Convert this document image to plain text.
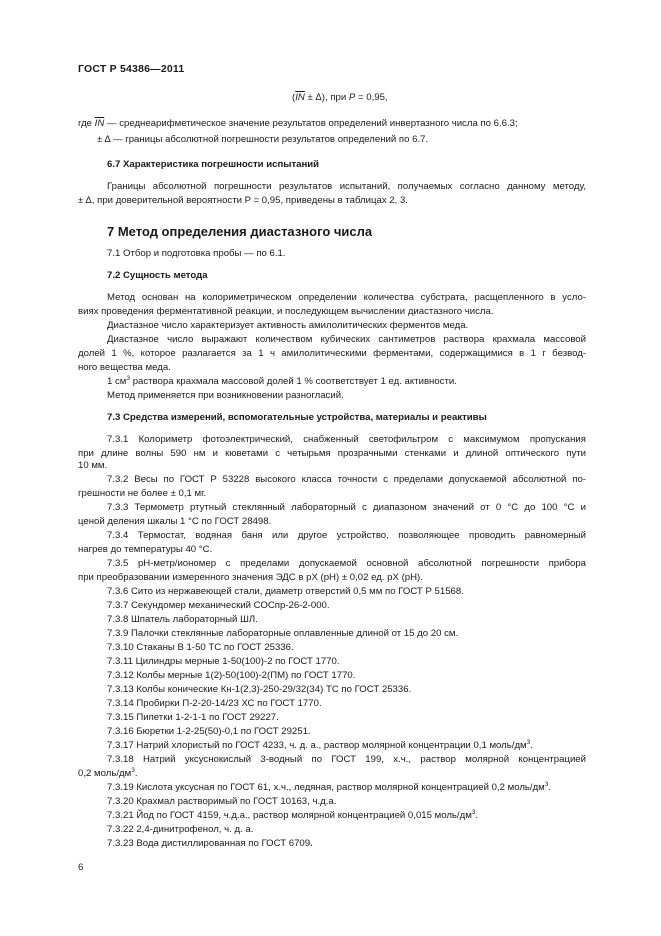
ГОСТ Р 54386—2011
$(\overline{IN} \pm \Delta)$, при P = 0,95,
где $\overline{IN}$ — среднеарифметическое значение результатов определений инвертазного числа по 6.6.3;
± Δ — границы абсолютной погрешности результатов определений по 6.7.
6.7 Характеристика погрешности испытаний
Границы абсолютной погрешности результатов испытаний, получаемых согласно данному методу,
± Δ, при доверительной вероятности P = 0,95, приведены в таблицах 2, 3.
7 Метод определения диастазного числа
7.1 Отбор и подготовка пробы — по 6.1.
7.2 Сущность метода
Метод основан на колориметрическом определении количества субстрата, расщепленного в усло-
виях проведения ферментативной реакции, и последующем вычислении диастазного числа.
Диастазное число характеризует активность амилолитических ферментов меда.
Диастазное число выражают количеством кубических сантиметров раствора крахмала массовой
долей 1 %, которое разлагается за 1 ч амилолитическими ферментами, содержащимися в 1 г безвод-
ного вещества меда.
1 $см^3$ раствора крахмала массовой долей 1 % соответствует 1 ед. активности.
Метод применяется при возникновении разногласий.
7.3 Средства измерений, вспомогательные устройства, материалы и реактивы
7.3.1 Колориметр фотоэлектрический, снабженный светофильтром с максимумом пропускания
при длине волны 590 нм и кюветами с четырьмя прозрачными стенками и длиной оптического пути
10 мм.
7.3.2 Весы по ГОСТ Р 53228 высокого класса точности с пределами допускаемой абсолютной по-
грешности не более ± 0,1 мг.
7.3.3 Термометр ртутный стеклянный лабораторный с диапазоном значений от 0 °С до 100 °С и
ценой деления шкалы 1 °С по ГОСТ 28498.
7.3.4 Термостат, водяная баня или другое устройство, позволяющее проводить равномерный
нагрев до температуры 40 °С.
7.3.5 pH-метр/иономер с пределами допускаемой основной абсолютной погрешности прибора
при преобразовании измеренного значения ЭДС в pX (pH) ± 0,02 ед. pX (pH).
7.3.6 Сито из нержавеющей стали, диаметр отверстий 0,5 мм по ГОСТ Р 51568.
7.3.7 Секундомер механический СОСпр-26-2-000.
7.3.8 Шпатель лабораторный ШЛ.
7.3.9 Палочки стеклянные лабораторные оплавленные длиной от 15 до 20 см.
7.3.10 Стаканы В 1-50 ТС по ГОСТ 25336.
7.3.11 Цилиндры мерные 1-50(100)-2 по ГОСТ 1770.
7.3.12 Колбы мерные 1(2)-50(100)-2(ПМ) по ГОСТ 1770.
7.3.13 Колбы конические Кн-1(2,3)-250-29/32(34) ТС по ГОСТ 25336.
7.3.14 Пробирки П-2-20-14/23 ХС по ГОСТ 1770.
7.3.15 Пипетки 1-2-1-1 по ГОСТ 29227.
7.3.16 Бюретки 1-2-25(50)-0,1 по ГОСТ 29251.
7.3.17 Натрий хлористый по ГОСТ 4233, ч. д. а., раствор молярной концентрации 0,1 моль/$дм^3$.
7.3.18 Натрий уксуснокислый 3-водный по ГОСТ 199, х.ч., раствор молярной концентрацией
0,2 моль/$дм^3$.
7.3.19 Кислота уксусная по ГОСТ 61, х.ч., ледяная, раствор молярной концентрацией 0,2 моль/$дм^3$.
7.3.20 Крахмал растворимый по ГОСТ 10163, ч.д.а.
7.3.21 Йод по ГОСТ 4159, ч.д.а., раствор молярной концентрацией 0,015 моль/$дм^3$.
7.3.22 2,4-динитрофенол, ч. д. а.
7.3.23 Вода дистиллированная по ГОСТ 6709.
6
